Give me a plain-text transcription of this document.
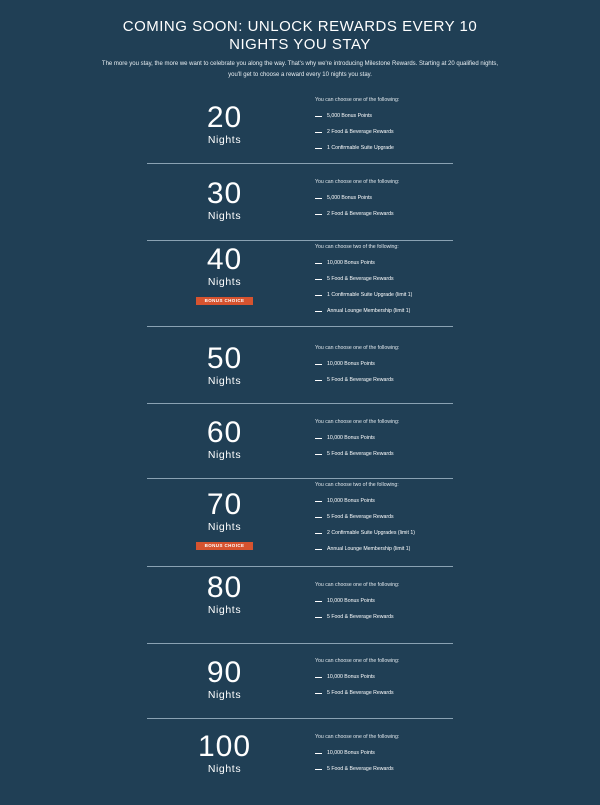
COMING SOON: UNLOCK REWARDS EVERY 10 NIGHTS YOU STAY

The more you stay, the more we want to celebrate you along the way. That's why we're introducing Milestone Rewards. Starting at 20 qualified nights, you'll get to choose a reward every 10 nights you stay.

20
Nights
You can choose one of the following:
5,000 Bonus Points
2 Food & Beverage Rewards
1 Confirmable Suite Upgrade
30
Nights
You can choose one of the following:
5,000 Bonus Points
2 Food & Beverage Rewards
40
Nights
BONUS CHOICE
You can choose two of the following:
10,000 Bonus Points
5 Food & Beverage Rewards
1 Confirmable Suite Upgrade (limit 1)
Annual Lounge Membership (limit 1)
50
Nights
You can choose one of the following:
10,000 Bonus Points
5 Food & Beverage Rewards
60
Nights
You can choose one of the following:
10,000 Bonus Points
5 Food & Beverage Rewards
70
Nights
BONUS CHOICE
You can choose two of the following:
10,000 Bonus Points
5 Food & Beverage Rewards
2 Confirmable Suite Upgrades (limit 1)
Annual Lounge Membership (limit 1)
80
Nights
You can choose one of the following:
10,000 Bonus Points
5 Food & Beverage Rewards
90
Nights
You can choose one of the following:
10,000 Bonus Points
5 Food & Beverage Rewards
100
Nights
You can choose one of the following:
10,000 Bonus Points
5 Food & Beverage Rewards
